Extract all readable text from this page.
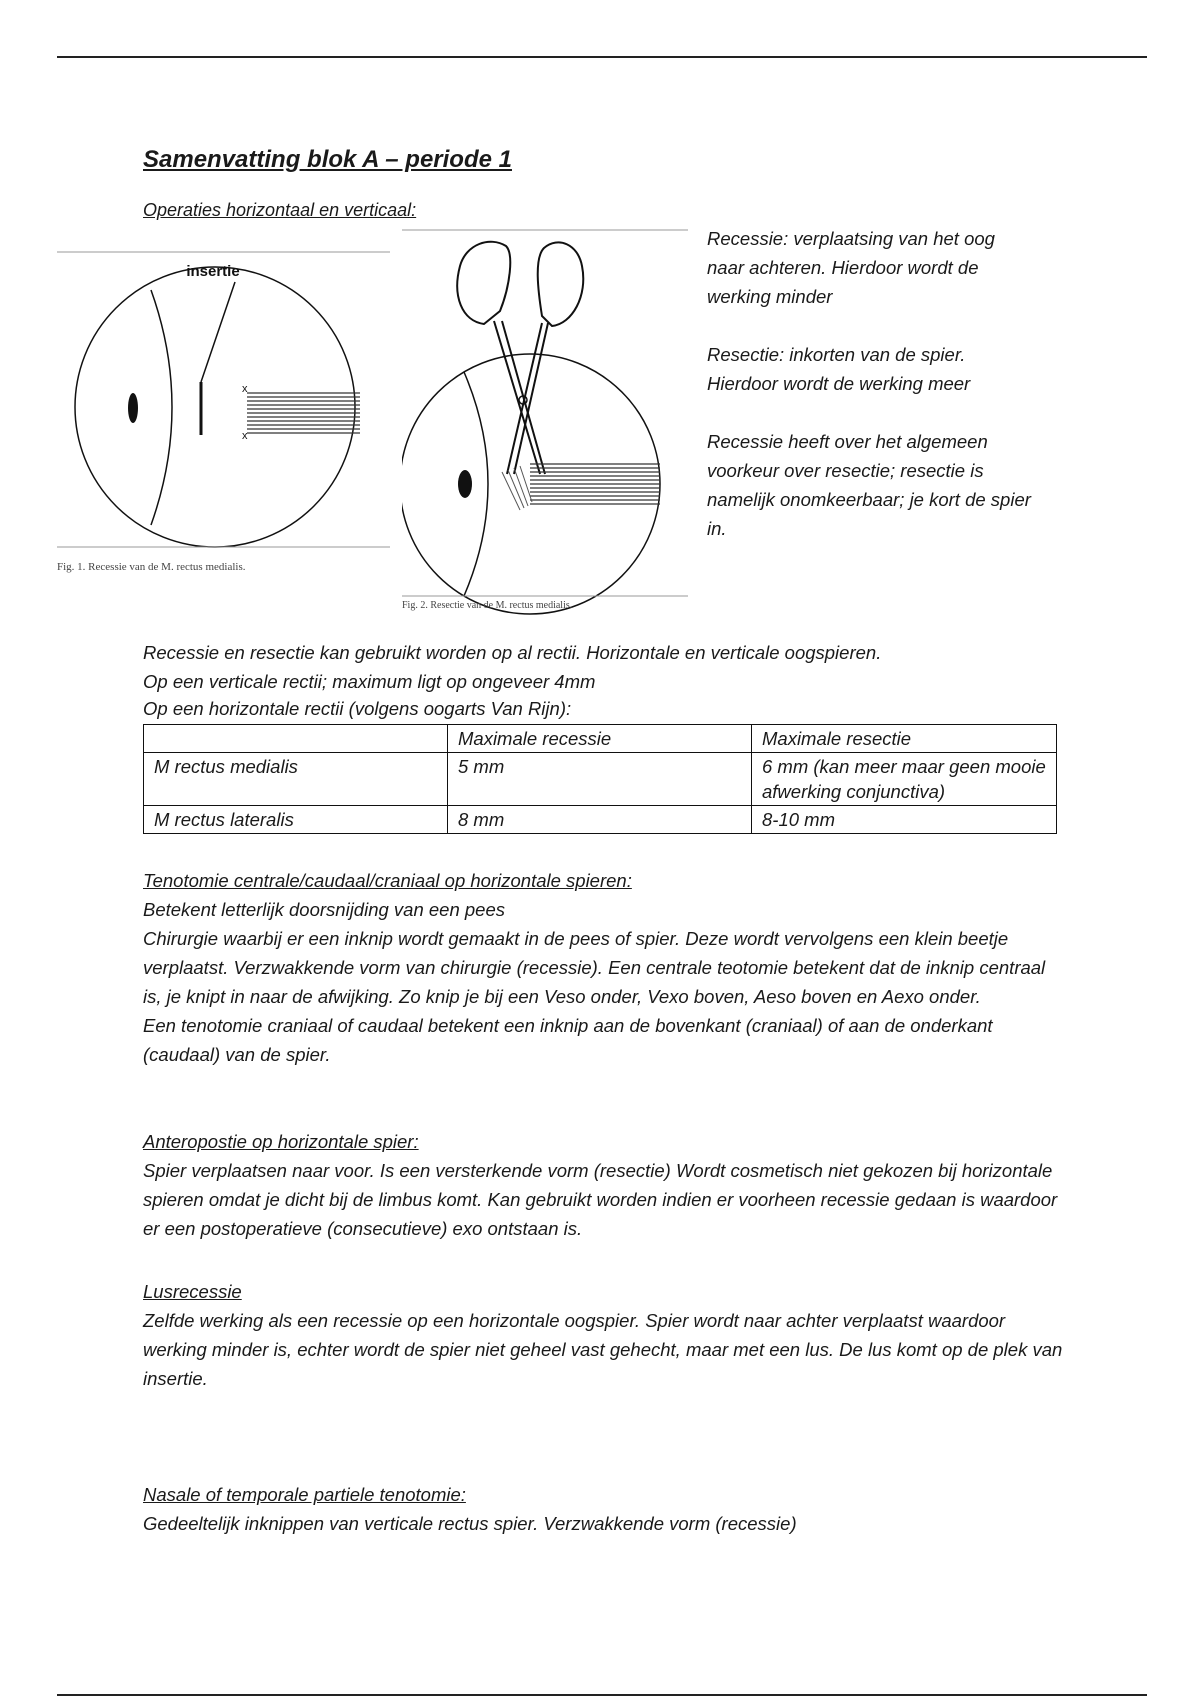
Samenvatting blok A – periode 1
Operaties horizontaal en verticaal:
insertie
x
x
Fig. 1. Recessie van de M. rectus medialis.
Fig. 2. Resectie van de M. rectus medialis.

Recessie: verplaatsing van het oog naar achteren. Hierdoor wordt de werking minder

Resectie: inkorten van de spier. Hierdoor wordt de werking meer

Recessie heeft over het algemeen voorkeur over resectie; resectie is namelijk onomkeerbaar; je kort de spier in.

Recessie en resectie kan gebruikt worden op al rectii. Horizontale en verticale oogspieren.

Op een verticale rectii; maximum ligt op ongeveer 4mm

Op een horizontale rectii (volgens oogarts Van Rijn):

	Maximale recessie	Maximale resectie
M rectus medialis	5 mm	6 mm (kan meer maar geen mooie afwerking conjunctiva)
M rectus lateralis	8 mm	8-10 mm

Tenotomie centrale/caudaal/craniaal op horizontale spieren:

Betekent letterlijk doorsnijding van een pees

Chirurgie waarbij er een inknip wordt gemaakt in de pees of spier. Deze wordt vervolgens een klein beetje verplaatst. Verzwakkende vorm van chirurgie (recessie). Een centrale teotomie betekent dat de inknip centraal is, je knipt in naar de afwijking. Zo knip je bij een Veso onder, Vexo boven, Aeso boven en Aexo onder.

Een tenotomie craniaal of caudaal betekent een inknip aan de bovenkant (craniaal) of aan de onderkant (caudaal) van de spier.

Anteropostie op horizontale spier:

Spier verplaatsen naar voor. Is een versterkende vorm (resectie) Wordt cosmetisch niet gekozen bij horizontale spieren omdat je dicht bij de limbus komt. Kan gebruikt worden indien er voorheen recessie gedaan is waardoor er een postoperatieve (consecutieve) exo ontstaan is.

Lusrecessie

Zelfde werking als een recessie op een horizontale oogspier. Spier wordt naar achter verplaatst waardoor werking minder is, echter wordt de spier niet geheel vast gehecht, maar met een lus. De lus komt op de plek van insertie.

Nasale of temporale partiele tenotomie:

Gedeeltelijk inknippen van verticale rectus spier. Verzwakkende vorm (recessie)
